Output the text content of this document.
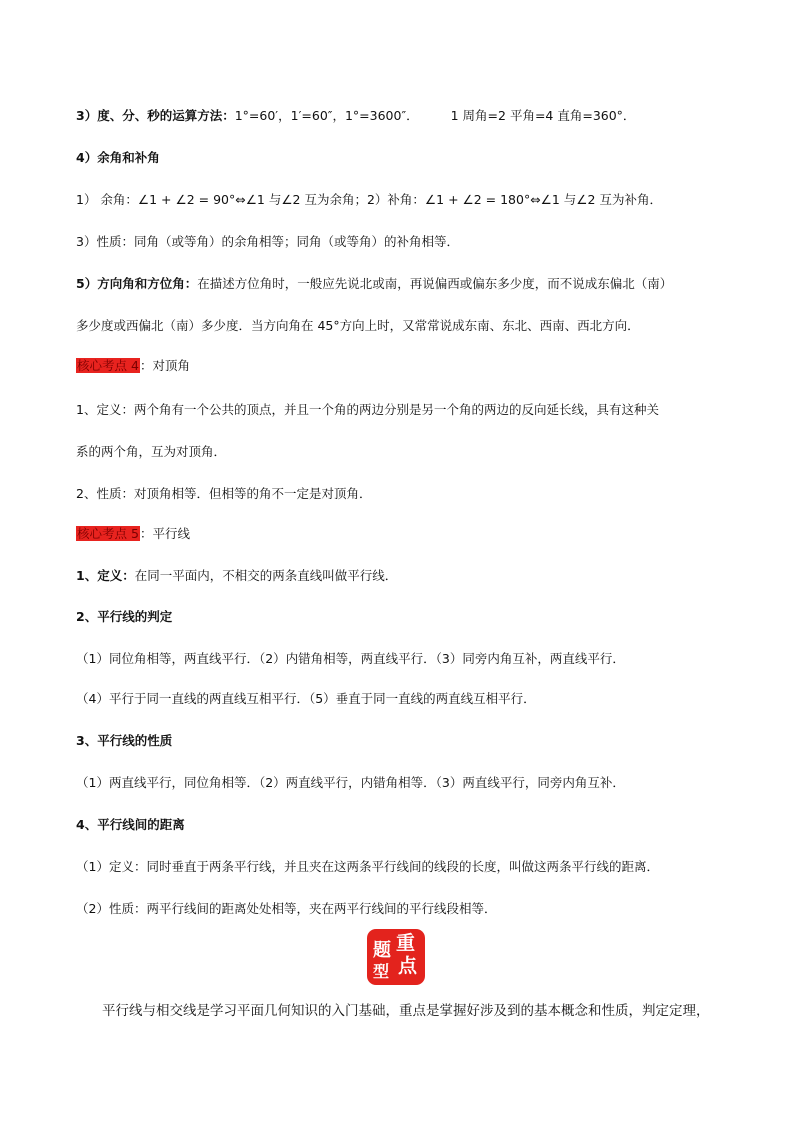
3）度、分、秒的运算方法：1°=60′，1′=60″，1°=3600″．	1 周角=2 平角=4 直角=360°．
4）余角和补角
1） 余角：∠1 + ∠2 = 90°⇔∠1 与∠2 互为余角；2）补角：∠1 + ∠2 = 180°⇔∠1 与∠2 互为补角．
3）性质：同角（或等角）的余角相等；同角（或等角）的补角相等．
5）方向角和方位角：在描述方位角时，一般应先说北或南，再说偏西或偏东多少度，而不说成东偏北（南）
多少度或西偏北（南）多少度．当方向角在 45°方向上时，又常常说成东南、东北、西南、西北方向．
核心考点 4：对顶角
1、定义：两个角有一个公共的顶点，并且一个角的两边分别是另一个角的两边的反向延长线，具有这种关
系的两个角，互为对顶角．
2、性质：对顶角相等．但相等的角不一定是对顶角．
核心考点 5：平行线
1、定义：在同一平面内，不相交的两条直线叫做平行线．
2、平行线的判定
（1）同位角相等，两直线平行．（2）内错角相等，两直线平行．（3）同旁内角互补，两直线平行．
（4）平行于同一直线的两直线互相平行．（5）垂直于同一直线的两直线互相平行．
3、平行线的性质
（1）两直线平行，同位角相等．（2）两直线平行，内错角相等．（3）两直线平行，同旁内角互补．
4、平行线间的距离
（1）定义：同时垂直于两条平行线，并且夹在这两条平行线间的线段的长度，叫做这两条平行线的距离．
（2）性质：两平行线间的距离处处相等，夹在两平行线间的平行线段相等．
重
点
题
型
平行线与相交线是学习平面几何知识的入门基础，重点是掌握好涉及到的基本概念和性质，判定定理，
